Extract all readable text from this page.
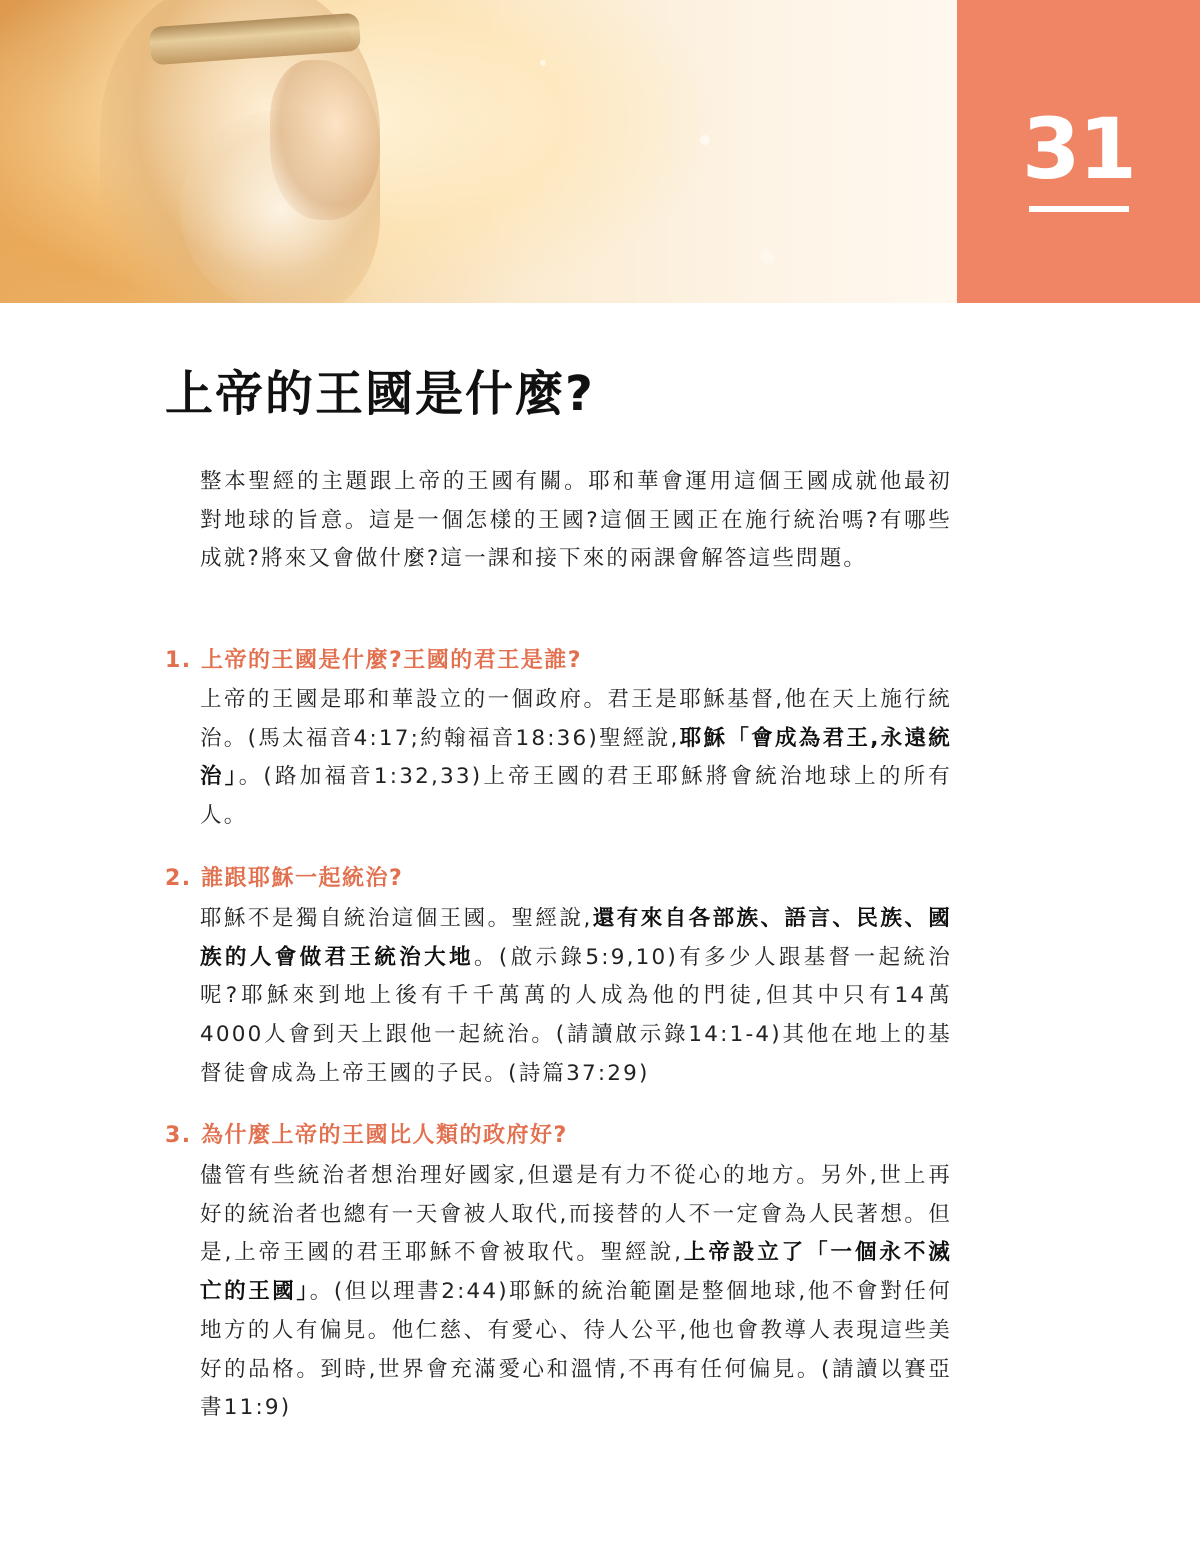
31
上帝的王國是什麼?

整本聖經的主題跟上帝的王國有關。耶和華會運用這個王國成就他最初對地球的旨意。這是一個怎樣的王國?這個王國正在施行統治嗎?有哪些成就?將來又會做什麼?這一課和接下來的兩課會解答這些問題。

1. 上帝的王國是什麼?王國的君王是誰?

上帝的王國是耶和華設立的一個政府。君王是耶穌基督,他在天上施行統治。(馬太福音4:17;約翰福音18:36)聖經說,耶穌「會成為君王,永遠統治」。(路加福音1:32,33)上帝王國的君王耶穌將會統治地球上的所有人。

2. 誰跟耶穌一起統治?

耶穌不是獨自統治這個王國。聖經說,還有來自各部族、語言、民族、國族的人會做君王統治大地。(啟示錄5:9,10)有多少人跟基督一起統治呢?耶穌來到地上後有千千萬萬的人成為他的門徒,但其中只有14萬4000人會到天上跟他一起統治。(請讀啟示錄14:1-4)其他在地上的基督徒會成為上帝王國的子民。(詩篇37:29)

3. 為什麼上帝的王國比人類的政府好?

儘管有些統治者想治理好國家,但還是有力不從心的地方。另外,世上再好的統治者也總有一天會被人取代,而接替的人不一定會為人民著想。但是,上帝王國的君王耶穌不會被取代。聖經說,上帝設立了「一個永不滅亡的王國」。(但以理書2:44)耶穌的統治範圍是整個地球,他不會對任何地方的人有偏見。他仁慈、有愛心、待人公平,他也會教導人表現這些美好的品格。到時,世界會充滿愛心和溫情,不再有任何偏見。(請讀以賽亞書11:9)
